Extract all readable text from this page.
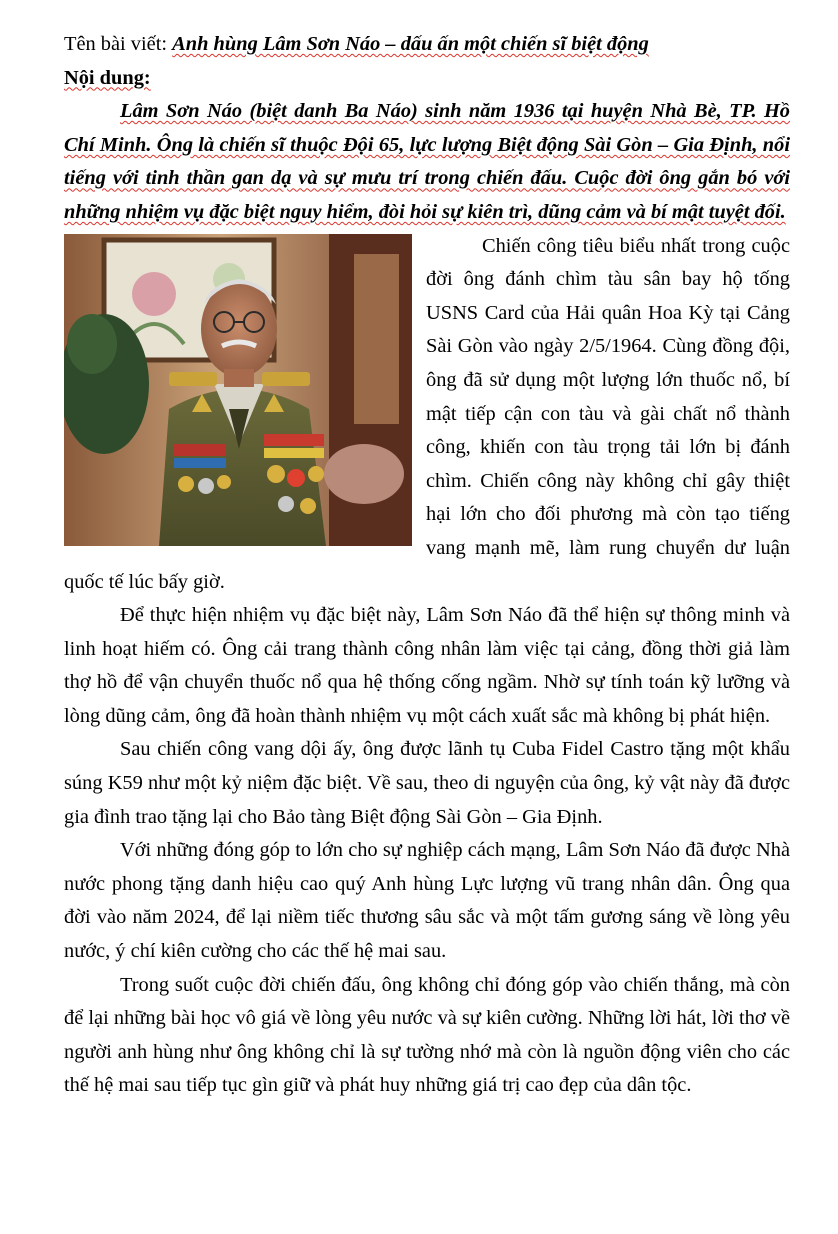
Tên bài viết: Anh hùng Lâm Sơn Náo – dấu ấn một chiến sĩ biệt động
Nội dung:

Lâm Sơn Náo (biệt danh Ba Náo) sinh năm 1936 tại huyện Nhà Bè, TP. Hồ Chí Minh. Ông là chiến sĩ thuộc Đội 65, lực lượng Biệt động Sài Gòn – Gia Định, nổi tiếng với tinh thần gan dạ và sự mưu trí trong chiến đấu. Cuộc đời ông gắn bó với những nhiệm vụ đặc biệt nguy hiểm, đòi hỏi sự kiên trì, dũng cảm và bí mật tuyệt đối.

Chiến công tiêu biểu nhất trong cuộc đời ông đánh chìm tàu sân bay hộ tống USNS Card của Hải quân Hoa Kỳ tại Cảng Sài Gòn vào ngày 2/5/1964. Cùng đồng đội, ông đã sử dụng một lượng lớn thuốc nổ, bí mật tiếp cận con tàu và gài chất nổ thành công, khiến con tàu trọng tải lớn bị đánh chìm. Chiến công này không chỉ gây thiệt hại lớn cho đối phương mà còn tạo tiếng vang mạnh mẽ, làm rung chuyển dư luận quốc tế lúc bấy giờ.

Để thực hiện nhiệm vụ đặc biệt này, Lâm Sơn Náo đã thể hiện sự thông minh và linh hoạt hiếm có. Ông cải trang thành công nhân làm việc tại cảng, đồng thời giả làm thợ hồ để vận chuyển thuốc nổ qua hệ thống cống ngầm. Nhờ sự tính toán kỹ lưỡng và lòng dũng cảm, ông đã hoàn thành nhiệm vụ một cách xuất sắc mà không bị phát hiện.

Sau chiến công vang dội ấy, ông được lãnh tụ Cuba Fidel Castro tặng một khẩu súng K59 như một kỷ niệm đặc biệt. Về sau, theo di nguyện của ông, kỷ vật này đã được gia đình trao tặng lại cho Bảo tàng Biệt động Sài Gòn – Gia Định.

Với những đóng góp to lớn cho sự nghiệp cách mạng, Lâm Sơn Náo đã được Nhà nước phong tặng danh hiệu cao quý Anh hùng Lực lượng vũ trang nhân dân. Ông qua đời vào năm 2024, để lại niềm tiếc thương sâu sắc và một tấm gương sáng về lòng yêu nước, ý chí kiên cường cho các thế hệ mai sau.

Trong suốt cuộc đời chiến đấu, ông không chỉ đóng góp vào chiến thắng, mà còn để lại những bài học vô giá về lòng yêu nước và sự kiên cường. Những lời hát, lời thơ về người anh hùng như ông không chỉ là sự tường nhớ mà còn là nguồn động viên cho các thế hệ mai sau tiếp tục gìn giữ và phát huy những giá trị cao đẹp của dân tộc.
